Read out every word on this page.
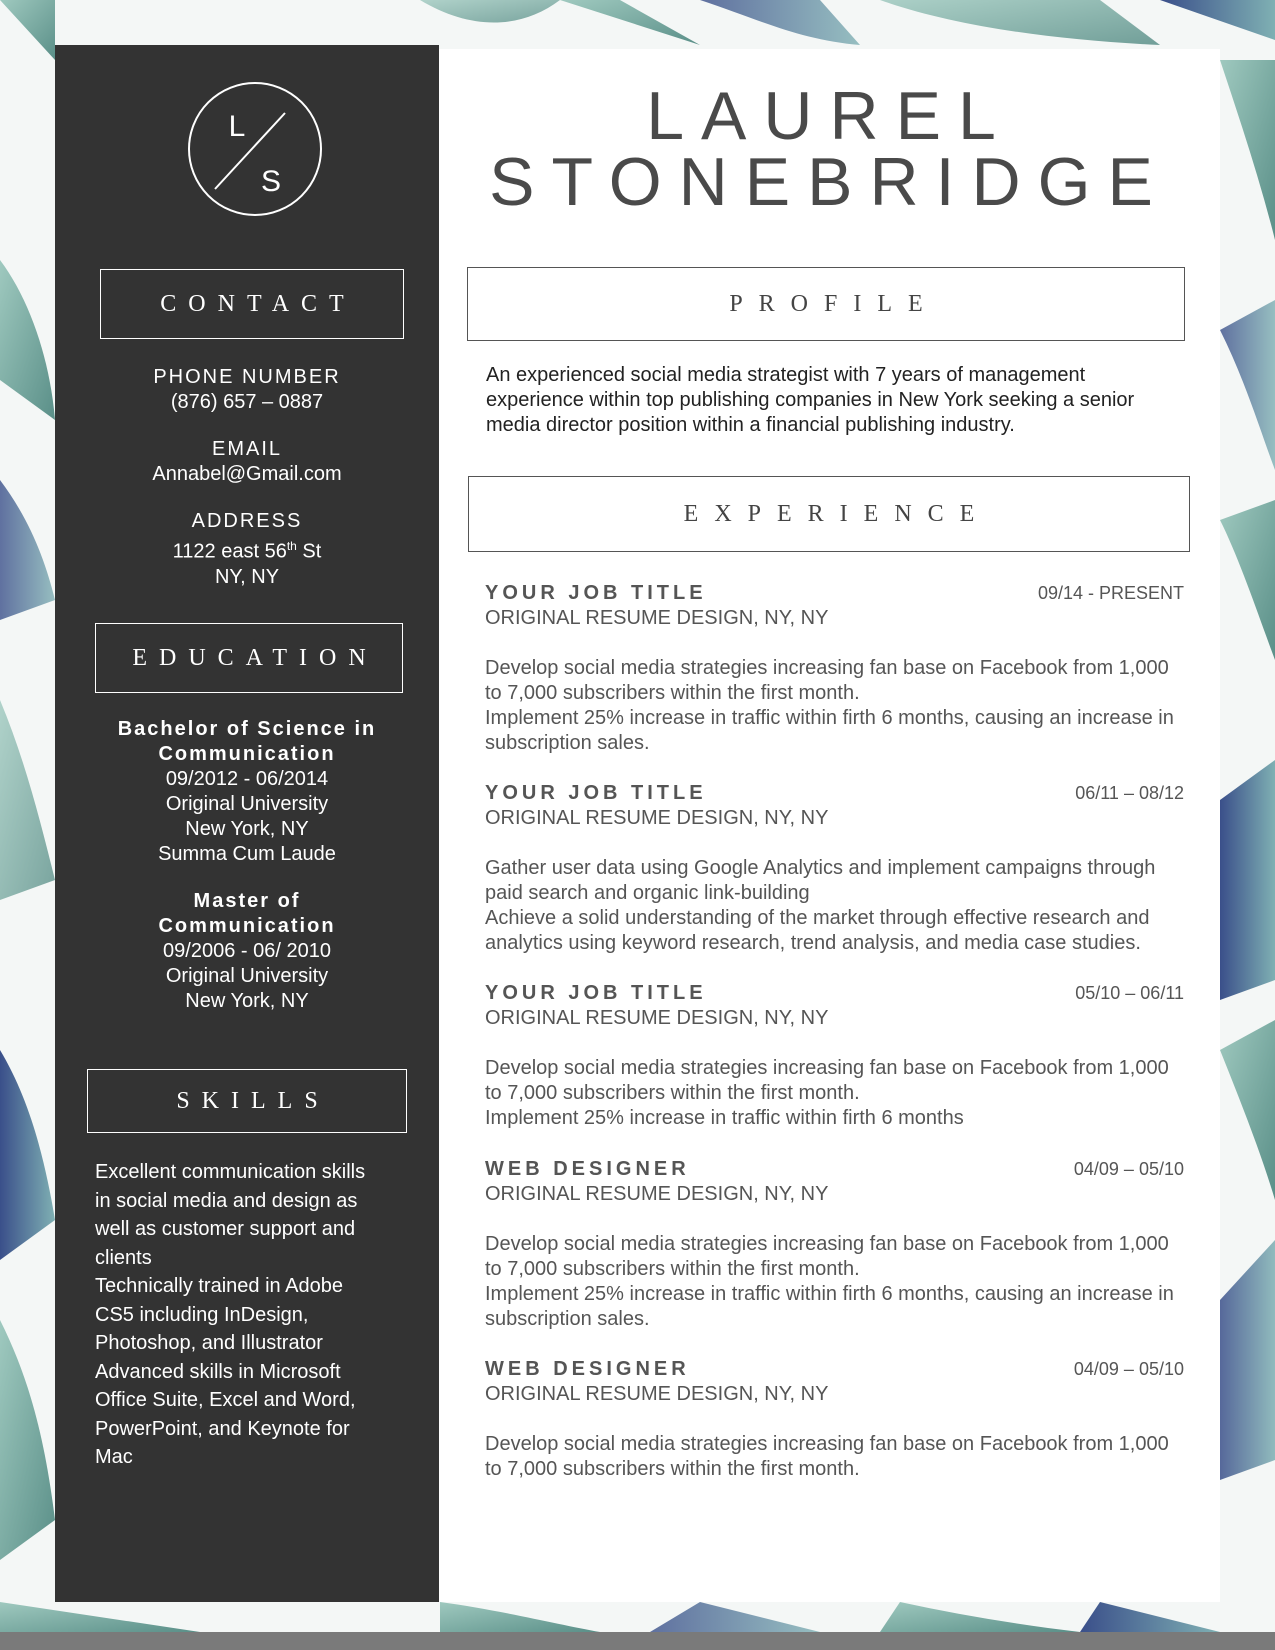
L
S
CONTACT
PHONE NUMBER
(876) 657 – 0887
EMAIL
Annabel@Gmail.com
ADDRESS
1122 east 56th St
NY, NY
EDUCATION
Bachelor of Science in
Communication
09/2012 - 06/2014
Original University
New York, NY
Summa Cum Laude
Master of
Communication
09/2006 - 06/ 2010
Original University
New York, NY
SKILLS
Excellent communication skills
in social media and design as
well as customer support and
clients
Technically trained in Adobe
CS5 including InDesign,
Photoshop, and Illustrator
Advanced skills in Microsoft
Office Suite, Excel and Word,
PowerPoint, and Keynote for
Mac
LAUREL
STONEBRIDGE
PROFILE
An experienced social media strategist with 7 years of management experience within top publishing companies in New York seeking a senior media director position within a financial publishing industry.
EXPERIENCE
YOUR JOB TITLE	09/14 - PRESENT
ORIGINAL RESUME DESIGN, NY, NY
Develop social media strategies increasing fan base on Facebook from 1,000 to 7,000 subscribers within the first month.
Implement 25% increase in traffic within firth 6 months, causing an increase in subscription sales.
YOUR JOB TITLE	06/11 – 08/12
ORIGINAL RESUME DESIGN, NY, NY
Gather user data using Google Analytics and implement campaigns through paid search and organic link-building
Achieve a solid understanding of the market through effective research and analytics using keyword research, trend analysis, and media case studies.
YOUR JOB TITLE	05/10 – 06/11
ORIGINAL RESUME DESIGN, NY, NY
Develop social media strategies increasing fan base on Facebook from 1,000 to 7,000 subscribers within the first month.
Implement 25% increase in traffic within firth 6 months
WEB DESIGNER	04/09 – 05/10
ORIGINAL RESUME DESIGN, NY, NY
Develop social media strategies increasing fan base on Facebook from 1,000 to 7,000 subscribers within the first month.
Implement 25% increase in traffic within firth 6 months, causing an increase in subscription sales.
WEB DESIGNER	04/09 – 05/10
ORIGINAL RESUME DESIGN, NY, NY
Develop social media strategies increasing fan base on Facebook from 1,000 to 7,000 subscribers within the first month.
